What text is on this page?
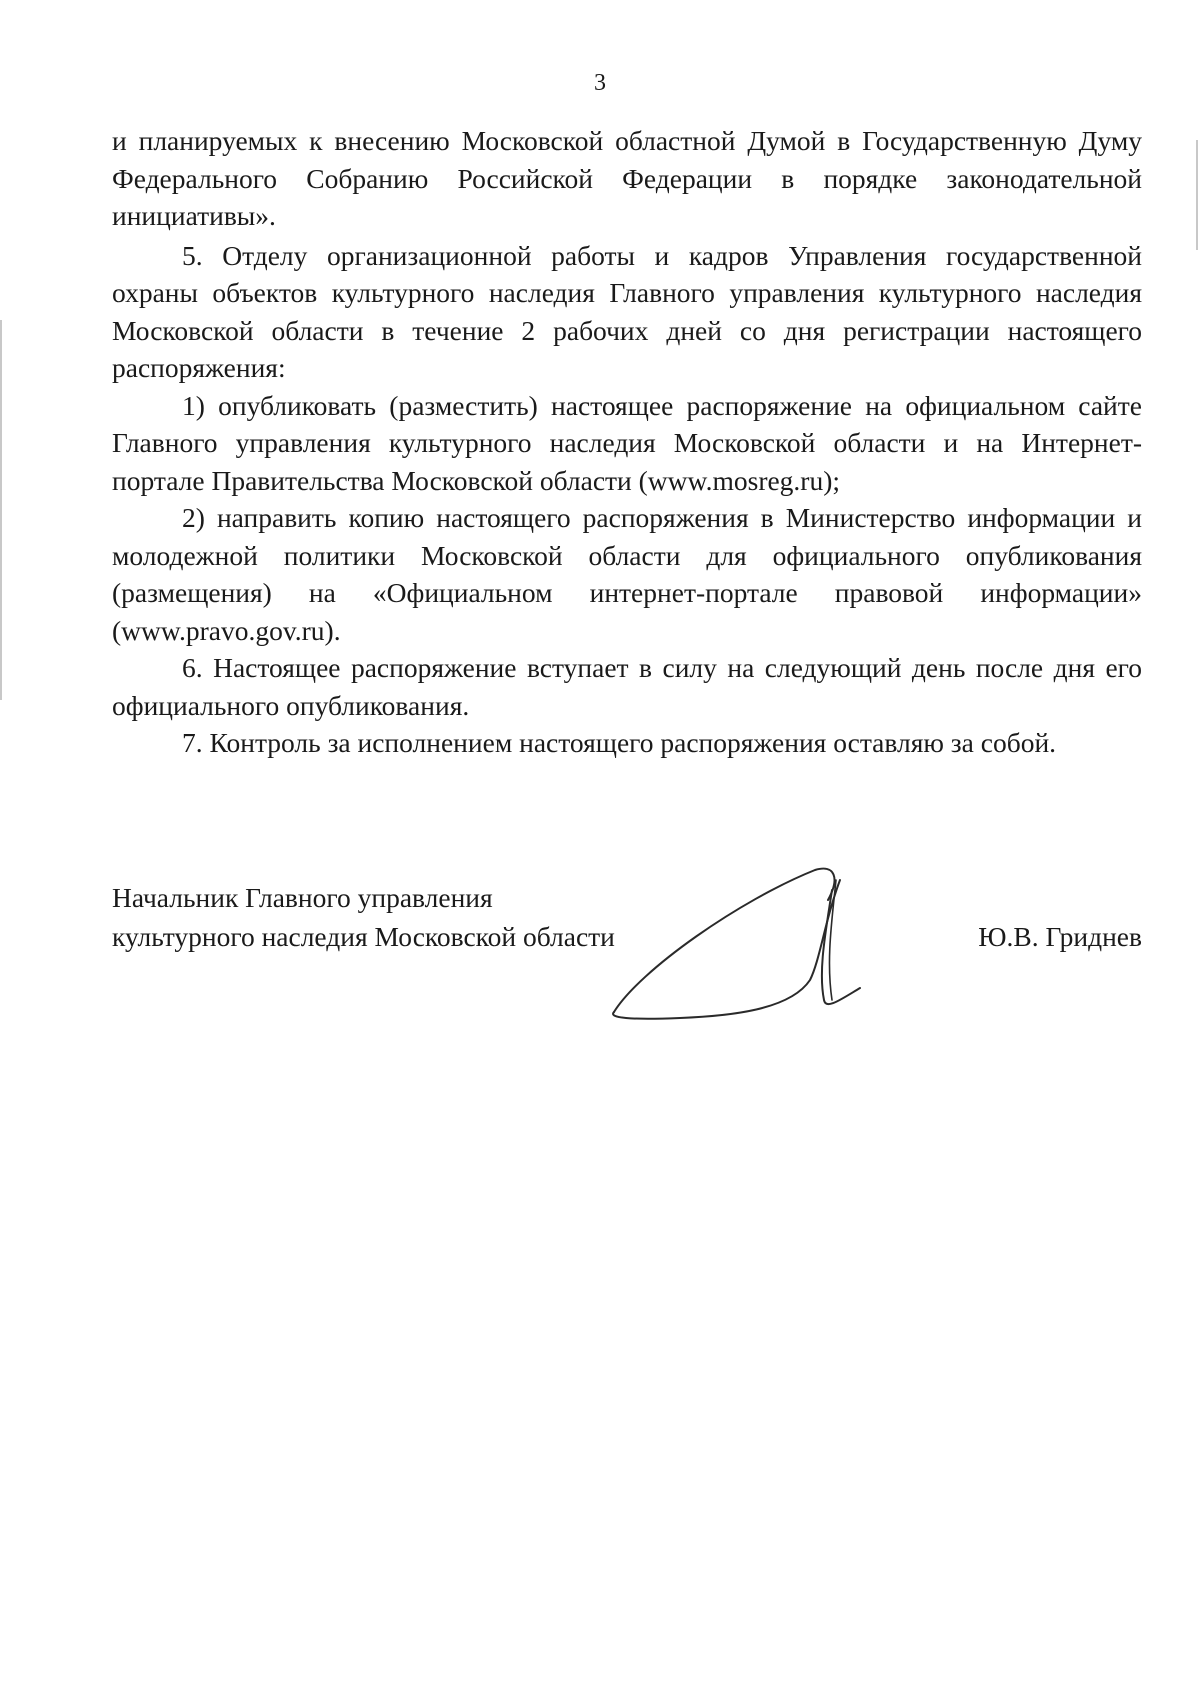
3

и планируемых к внесению Московской областной Думой в Государственную Думу Федерального Собранию Российской Федерации в порядке законодательной инициативы».

5. Отделу организационной работы и кадров Управления государственной охраны объектов культурного наследия Главного управления культурного наследия Московской области в течение 2 рабочих дней со дня регистрации настоящего распоряжения:

1) опубликовать (разместить) настоящее распоряжение на официальном сайте Главного управления культурного наследия Московской области и на Интернет-портале Правительства Московской области (www.mosreg.ru);

2) направить копию настоящего распоряжения в Министерство информации и молодежной политики Московской области для официального опубликования (размещения) на «Официальном интернет-портале правовой информации» (www.pravo.gov.ru).

6. Настоящее распоряжение вступает в силу на следующий день после дня его официального опубликования.

7. Контроль за исполнением настоящего распоряжения оставляю за собой.

Начальник Главного управления
культурного наследия Московской области	Ю.В. Гриднев
